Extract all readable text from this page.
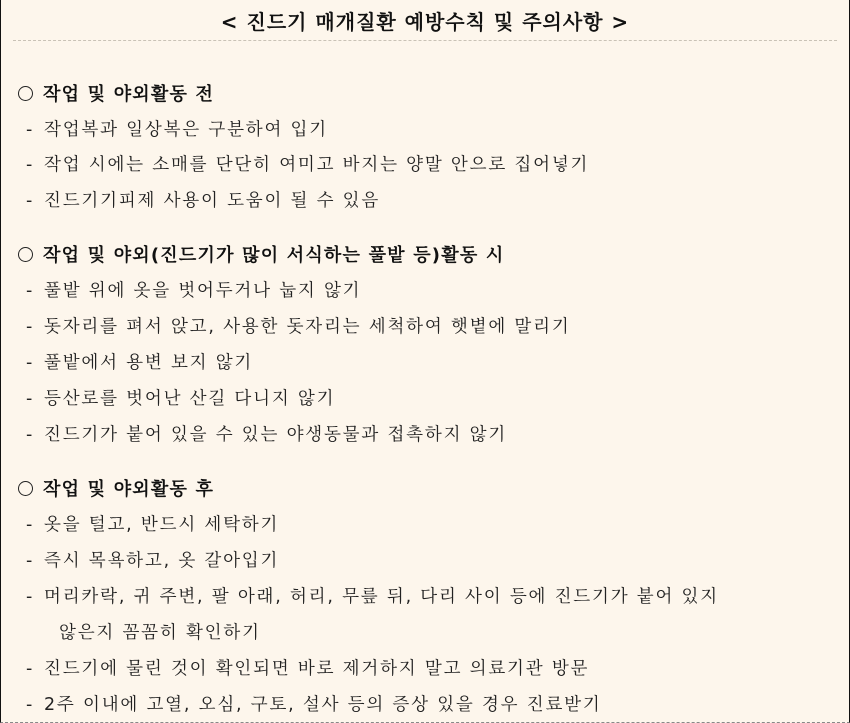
< 진드기 매개질환 예방수칙 및 주의사항 >
작업 및 야외활동 전
- 작업복과 일상복은 구분하여 입기
- 작업 시에는 소매를 단단히 여미고 바지는 양말 안으로 집어넣기
- 진드기기피제 사용이 도움이 될 수 있음
작업 및 야외(진드기가 많이 서식하는 풀밭 등)활동 시
- 풀밭 위에 옷을 벗어두거나 눕지 않기
- 돗자리를 펴서 앉고, 사용한 돗자리는 세척하여 햇볕에 말리기
- 풀밭에서 용변 보지 않기
- 등산로를 벗어난 산길 다니지 않기
- 진드기가 붙어 있을 수 있는 야생동물과 접촉하지 않기
작업 및 야외활동 후
- 옷을 털고, 반드시 세탁하기
- 즉시 목욕하고, 옷 갈아입기
- 머리카락, 귀 주변, 팔 아래, 허리, 무릎 뒤, 다리 사이 등에 진드기가 붙어 있지
않은지 꼼꼼히 확인하기
- 진드기에 물린 것이 확인되면 바로 제거하지 말고 의료기관 방문
- 2주 이내에 고열, 오심, 구토, 설사 등의 증상 있을 경우 진료받기
